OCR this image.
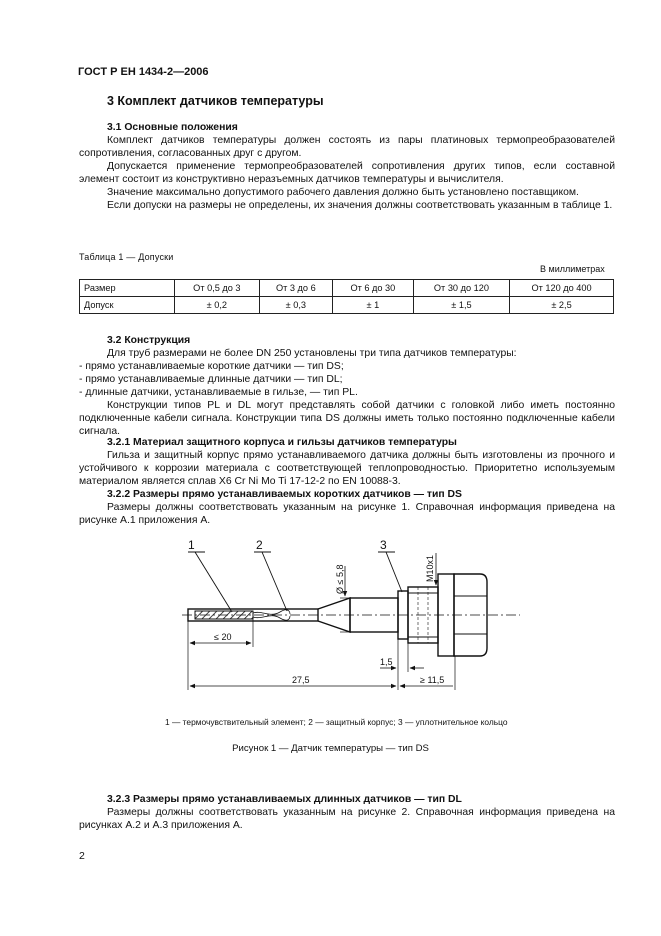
ГОСТ Р ЕН 1434-2—2006
3 Комплект датчиков температуры
3.1 Основные положения
Комплект датчиков температуры должен состоять из пары платиновых термопреобразователей сопротивления, согласованных друг с другом.
Допускается применение термопреобразователей сопротивления других типов, если составной элемент состоит из конструктивно неразъемных датчиков температуры и вычислителя.
Значение максимально допустимого рабочего давления должно быть установлено поставщиком.
Если допуски на размеры не определены, их значения должны соответствовать указанным в таблице 1.
Таблица 1 — Допуски
В миллиметрах
Размер	От 0,5 до 3	От 3 до 6	От 6 до 30	От 30 до 120	От 120 до 400
Допуск	± 0,2	± 0,3	± 1	± 1,5	± 2,5
3.2 Конструкция
Для труб размерами не более DN 250 установлены три типа датчиков температуры:
- прямо устанавливаемые короткие датчики — тип DS;
- прямо устанавливаемые длинные датчики — тип DL;
- длинные датчики, устанавливаемые в гильзе, — тип PL.
Конструкции типов PL и DL могут представлять собой датчики с головкой либо иметь постоянно подключенные кабели сигнала. Конструкции типа DS должны иметь только постоянно подключенные кабели сигнала.
3.2.1 Материал защитного корпуса и гильзы датчиков температуры
Гильза и защитный корпус прямо устанавливаемого датчика должны быть изготовлены из прочного и устойчивого к коррозии материала с соответствующей теплопроводностью. Приоритетно используемым материалом является сплав X6 Cr Ni Mo Ti 17-12-2 по EN 10088-3.
3.2.2 Размеры прямо устанавливаемых коротких датчиков — тип DS
Размеры должны соответствовать указанным на рисунке 1. Справочная информация приведена на рисунке А.1 приложения А.
1	2	3
≤ 20
27,5
1,5
≥ 11,5
Ø ≤ 5,8	M10x1
1 — термочувствительный элемент; 2 — защитный корпус; 3 — уплотнительное кольцо
Рисунок 1 — Датчик температуры — тип DS
3.2.3 Размеры прямо устанавливаемых длинных датчиков — тип DL
Размеры должны соответствовать указанным на рисунке 2. Справочная информация приведена на рисунках А.2 и А.3 приложения А.
2
